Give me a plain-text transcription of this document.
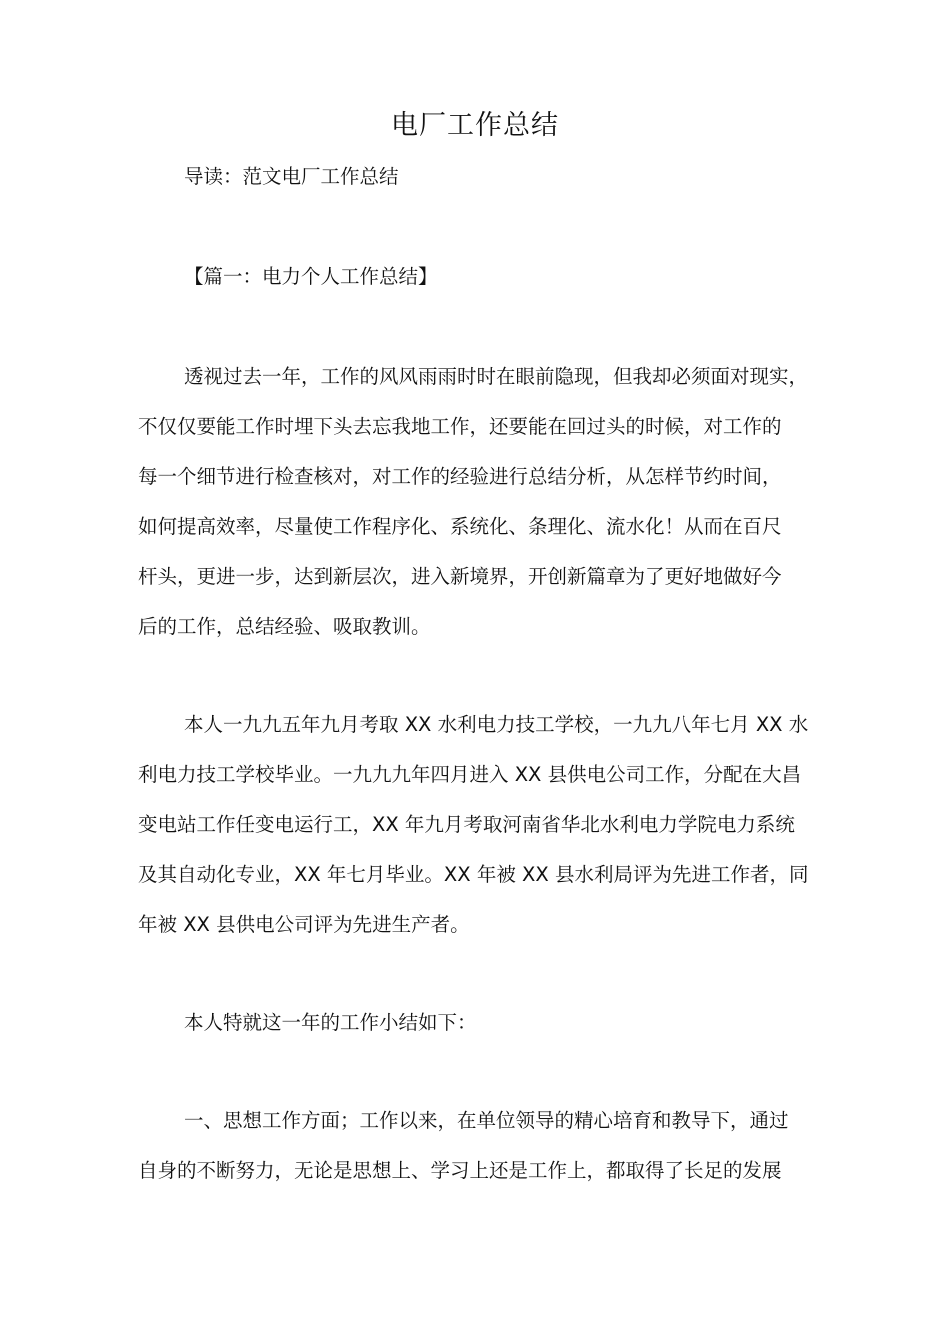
电厂工作总结

导读：范文电厂工作总结

【篇一：电力个人工作总结】

透视过去一年，工作的风风雨雨时时在眼前隐现，但我却必须面对现实，

不仅仅要能工作时埋下头去忘我地工作，还要能在回过头的时候，对工作的

每一个细节进行检查核对，对工作的经验进行总结分析，从怎样节约时间，

如何提高效率，尽量使工作程序化、系统化、条理化、流水化！从而在百尺

杆头，更进一步，达到新层次，进入新境界，开创新篇章为了更好地做好今

后的工作，总结经验、吸取教训。

本人一九九五年九月考取 XX 水利电力技工学校，一九九八年七月 XX 水

利电力技工学校毕业。一九九九年四月进入 XX 县供电公司工作，分配在大昌

变电站工作任变电运行工，XX 年九月考取河南省华北水利电力学院电力系统

及其自动化专业，XX 年七月毕业。XX 年被 XX 县水利局评为先进工作者，同

年被 XX 县供电公司评为先进生产者。

本人特就这一年的工作小结如下：

一、思想工作方面；工作以来，在单位领导的精心培育和教导下，通过

自身的不断努力，无论是思想上、学习上还是工作上，都取得了长足的发展
